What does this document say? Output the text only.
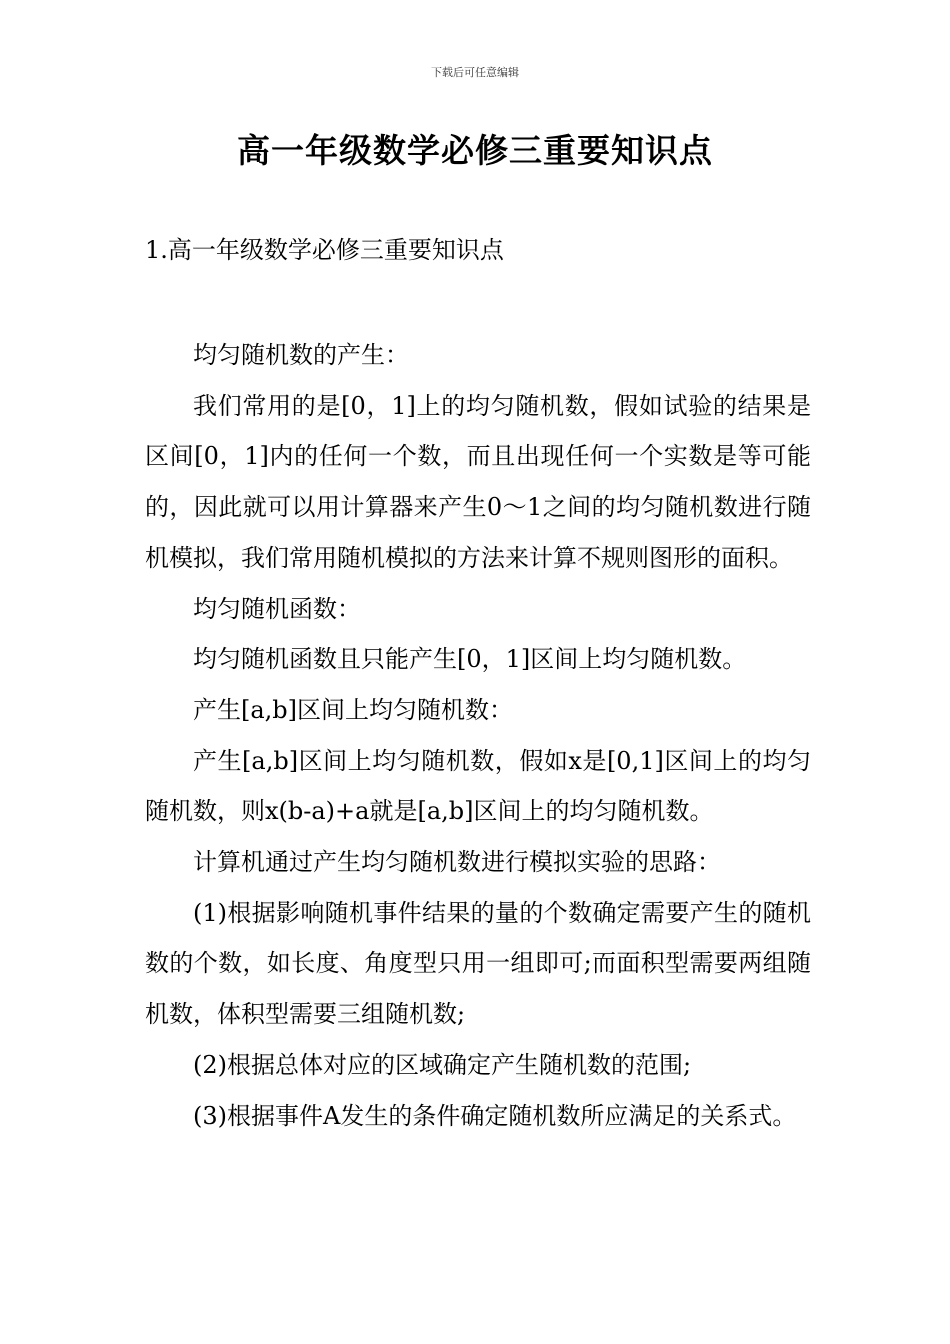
下载后可任意编辑
高一年级数学必修三重要知识点
1.高一年级数学必修三重要知识点

均匀随机数的产生：

我们常用的是[0，1]上的均匀随机数，假如试验的结果是区间[0，1]内的任何一个数，而且出现任何一个实数是等可能的，因此就可以用计算器来产生0～1之间的均匀随机数进行随机模拟，我们常用随机模拟的方法来计算不规则图形的面积。

均匀随机函数：

均匀随机函数且只能产生[0，1]区间上均匀随机数。

产生[a,b]区间上均匀随机数：

产生[a,b]区间上均匀随机数，假如x是[0,1]区间上的均匀随机数，则x(b-a)+a就是[a,b]区间上的均匀随机数。

计算机通过产生均匀随机数进行模拟实验的思路：

(1)根据影响随机事件结果的量的个数确定需要产生的随机数的个数，如长度、角度型只用一组即可;而面积型需要两组随机数，体积型需要三组随机数;

(2)根据总体对应的区域确定产生随机数的范围;

(3)根据事件A发生的条件确定随机数所应满足的关系式。
